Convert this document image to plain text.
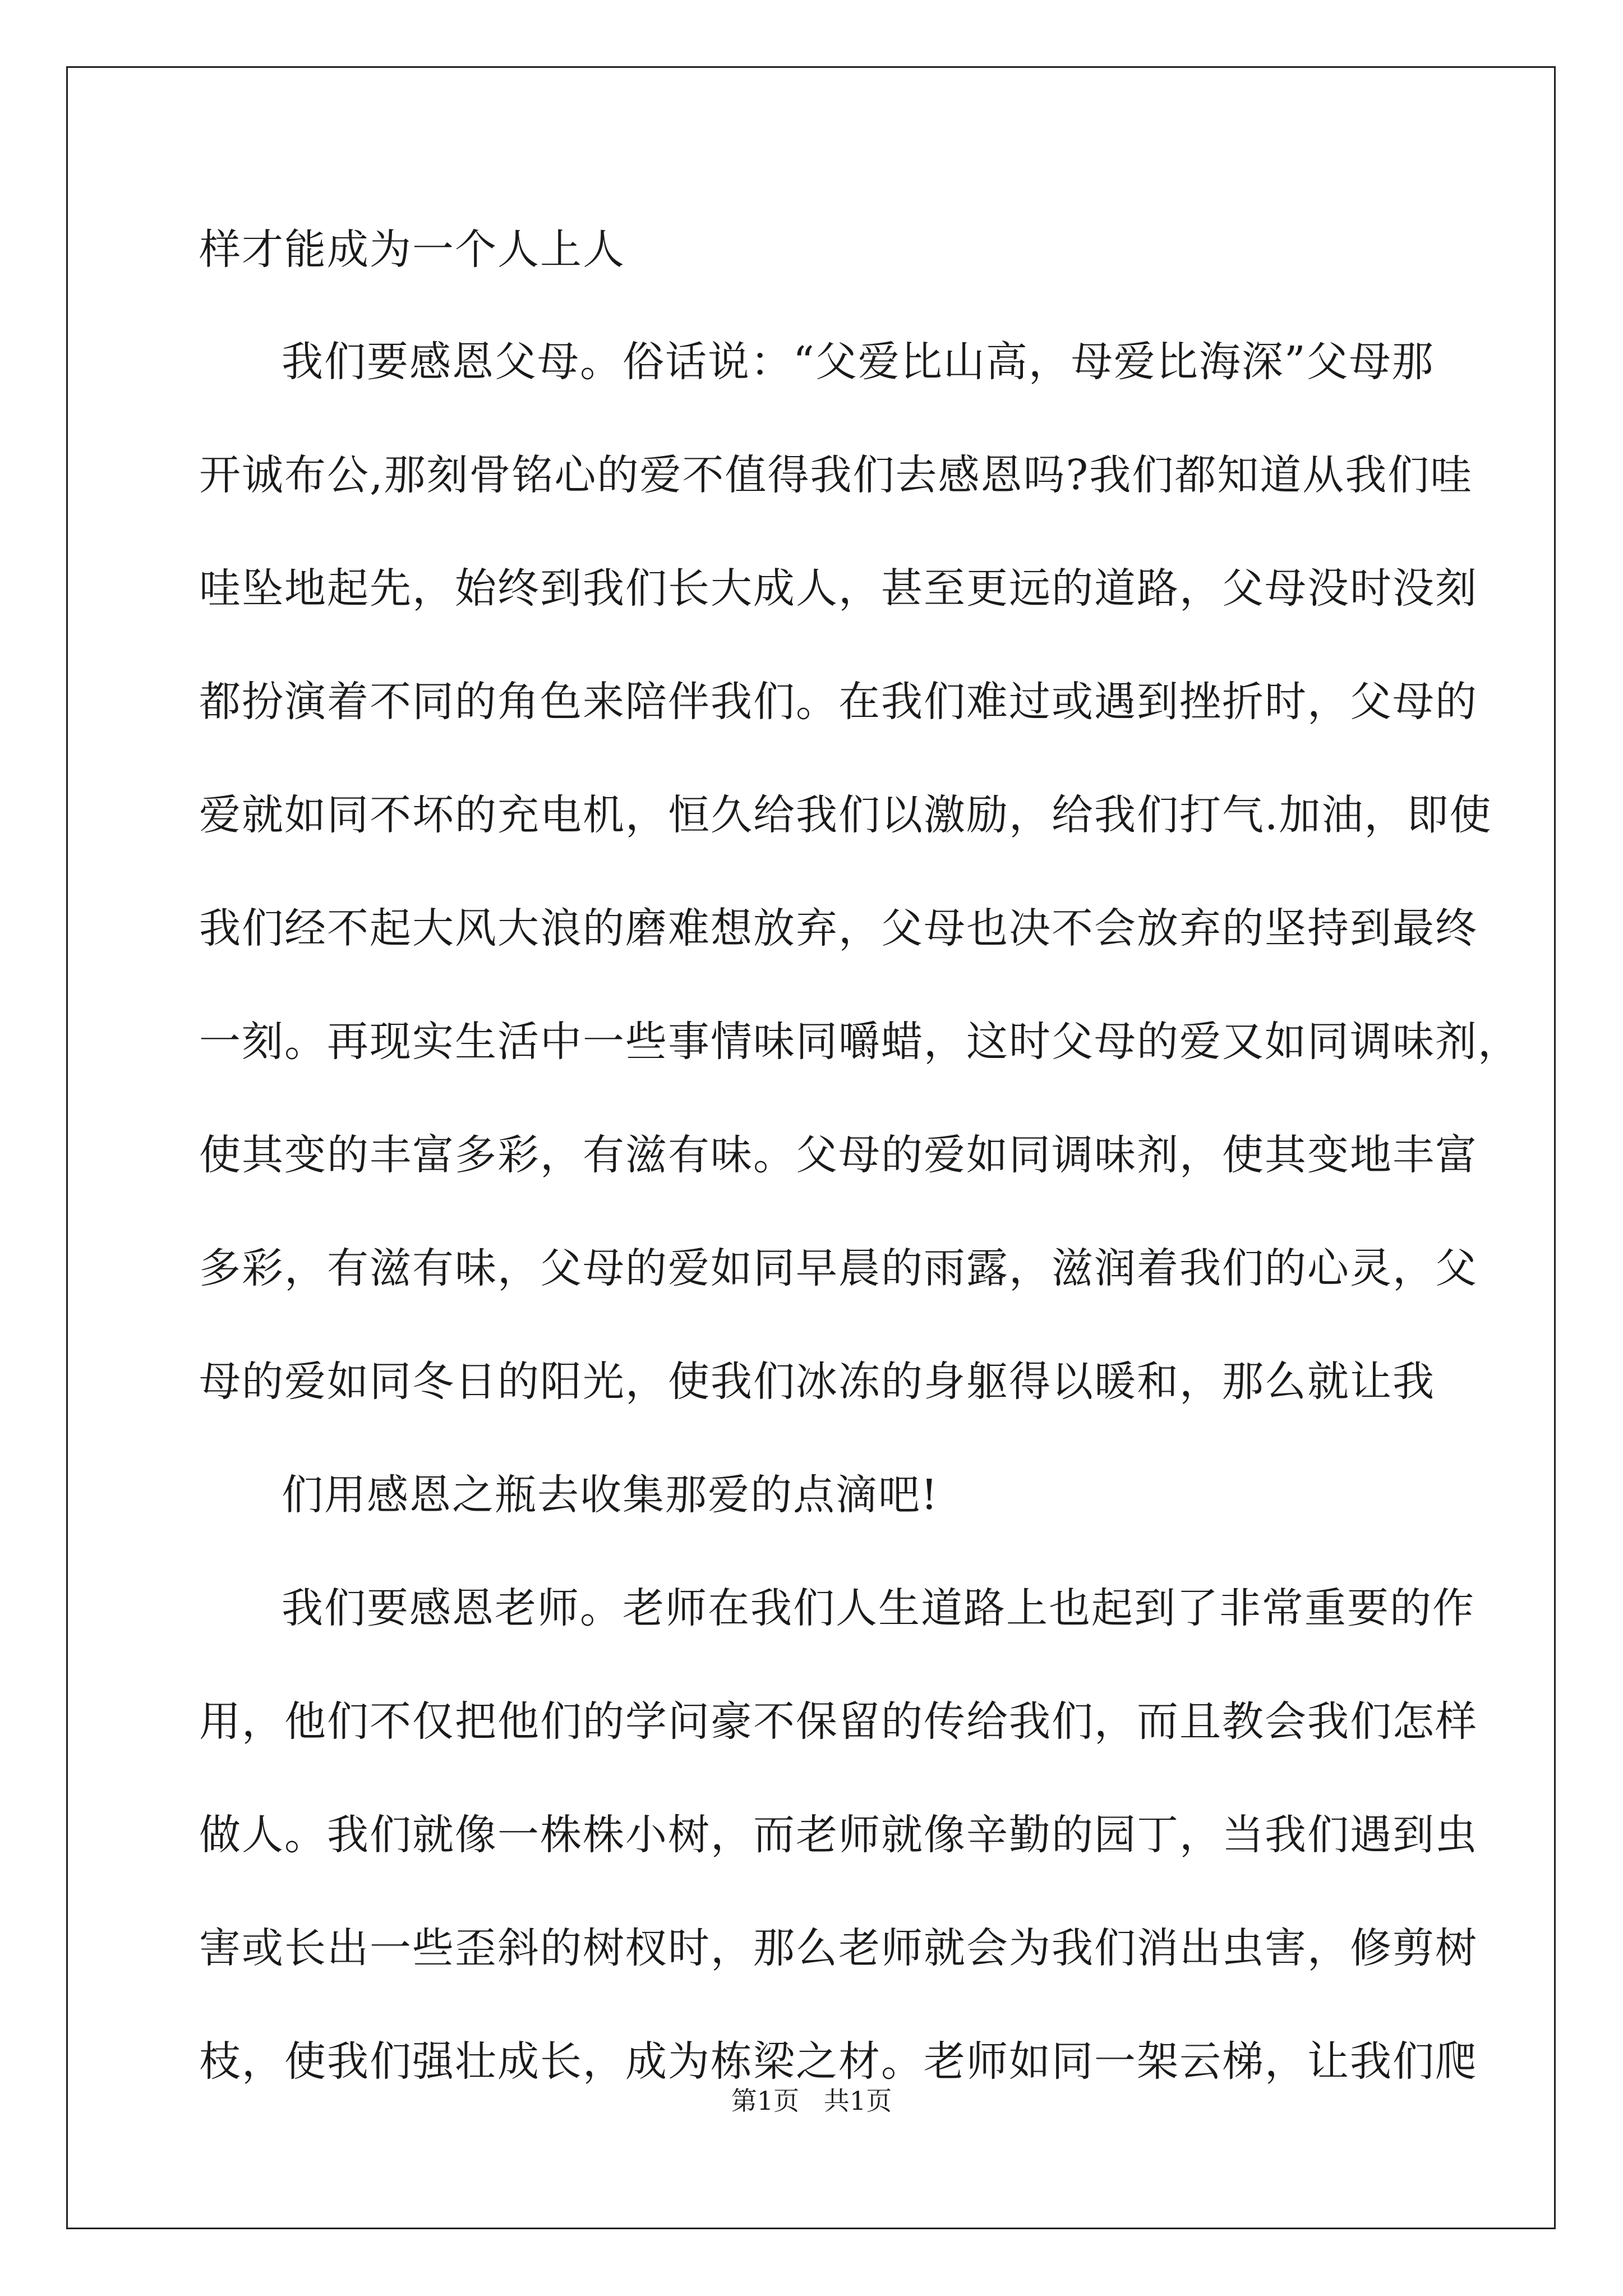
样才能成为一个人上人
我们要感恩父母。俗话说：“父爱比山高，母爱比海深”父母那
开诚布公,那刻骨铭心的爱不值得我们去感恩吗?我们都知道从我们哇
哇坠地起先，始终到我们长大成人，甚至更远的道路，父母没时没刻
都扮演着不同的角色来陪伴我们。在我们难过或遇到挫折时，父母的
爱就如同不坏的充电机，恒久给我们以激励，给我们打气.加油，即使
我们经不起大风大浪的磨难想放弃，父母也决不会放弃的坚持到最终
一刻。再现实生活中一些事情味同嚼蜡，这时父母的爱又如同调味剂，
使其变的丰富多彩，有滋有味。父母的爱如同调味剂，使其变地丰富
多彩，有滋有味，父母的爱如同早晨的雨露，滋润着我们的心灵，父
母的爱如同冬日的阳光，使我们冰冻的身躯得以暖和，那么就让我
们用感恩之瓶去收集那爱的点滴吧!
我们要感恩老师。老师在我们人生道路上也起到了非常重要的作
用，他们不仅把他们的学问豪不保留的传给我们，而且教会我们怎样
做人。我们就像一株株小树，而老师就像辛勤的园丁，当我们遇到虫
害或长出一些歪斜的树杈时，那么老师就会为我们消出虫害，修剪树
枝，使我们强壮成长，成为栋梁之材。老师如同一架云梯，让我们爬
第1页   共1页
